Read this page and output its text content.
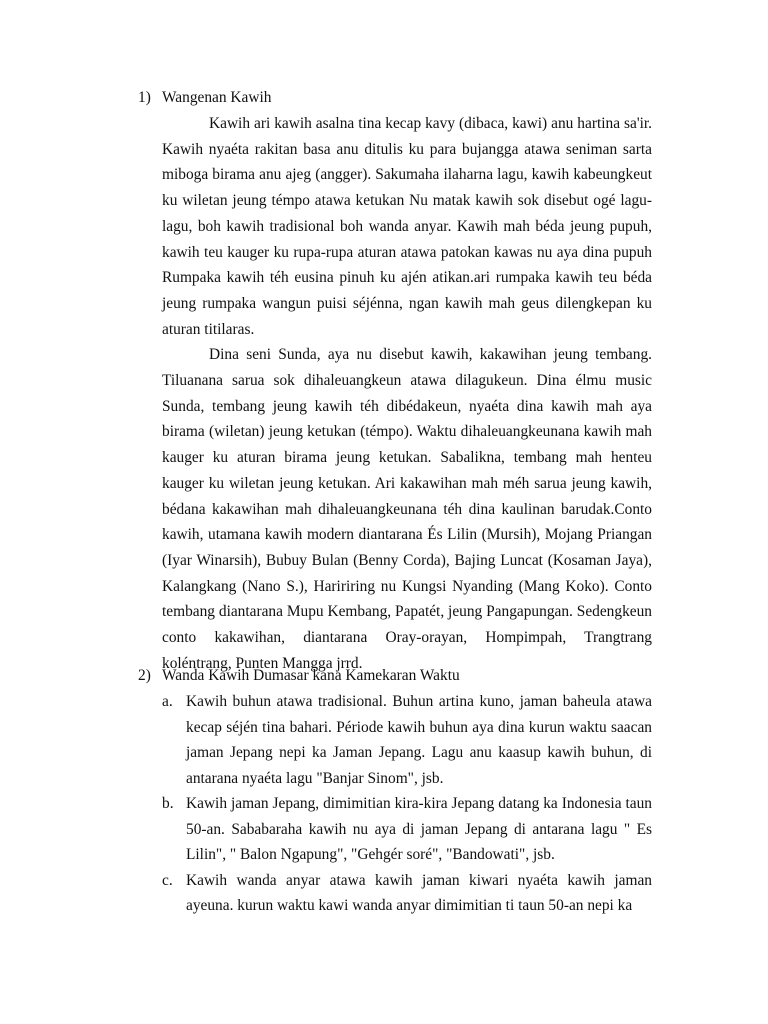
1) Wangenan Kawih

Kawih ari kawih asalna tina kecap kavy (dibaca, kawi) anu hartina sa'ir. Kawih nyaéta rakitan basa anu ditulis ku para bujangga atawa seniman sarta miboga birama anu ajeg (angger). Sakumaha ilaharna lagu, kawih kabeungkeut ku wiletan jeung témpo atawa ketukan Nu matak kawih sok disebut ogé lagu-lagu, boh kawih tradisional boh wanda anyar. Kawih mah béda jeung pupuh, kawih teu kauger ku rupa-rupa aturan atawa patokan kawas nu aya dina pupuh Rumpaka kawih téh eusina pinuh ku ajén atikan.ari rumpaka kawih teu béda jeung rumpaka wangun puisi séjénna, ngan kawih mah geus dilengkepan ku aturan titilaras.

Dina seni Sunda, aya nu disebut kawih, kakawihan jeung tembang. Tiluanana sarua sok dihaleuangkeun atawa dilagukeun. Dina élmu music Sunda, tembang jeung kawih téh dibédakeun, nyaéta dina kawih mah aya birama (wiletan) jeung ketukan (témpo). Waktu dihaleuangkeunana kawih mah kauger ku aturan birama jeung ketukan. Sabalikna, tembang mah henteu kauger ku wiletan jeung ketukan. Ari kakawihan mah méh sarua jeung kawih, bédana kakawihan mah dihaleuangkeunana téh dina kaulinan barudak.Conto kawih, utamana kawih modern diantarana És Lilin (Mursih), Mojang Priangan (Iyar Winarsih), Bubuy Bulan (Benny Corda), Bajing Luncat (Kosaman Jaya), Kalangkang (Nano S.), Haririring nu Kungsi Nyanding (Mang Koko). Conto tembang diantarana Mupu Kembang, Papatét, jeung Pangapungan. Sedengkeun conto kakawihan, diantarana Oray-orayan, Hompimpah, Trangtrang koléntrang, Punten Mangga jrrd.

2) Wanda Kawih Dumasar kana Kamekaran Waktu
a. Kawih buhun atawa tradisional. Buhun artina kuno, jaman baheula atawa kecap séjén tina bahari. Période kawih buhun aya dina kurun waktu saacan jaman Jepang nepi ka Jaman Jepang. Lagu anu kaasup kawih buhun, di antarana nyaéta lagu "Banjar Sinom", jsb.
b. Kawih jaman Jepang, dimimitian kira-kira Jepang datang ka Indonesia taun 50-an. Sababaraha kawih nu aya di jaman Jepang di antarana lagu " Es Lilin", " Balon Ngapung", "Gehgér soré", "Bandowati", jsb.
c. Kawih wanda anyar atawa kawih jaman kiwari nyaéta kawih jaman ayeuna. kurun waktu kawi wanda anyar dimimitian ti taun 50-an nepi ka
